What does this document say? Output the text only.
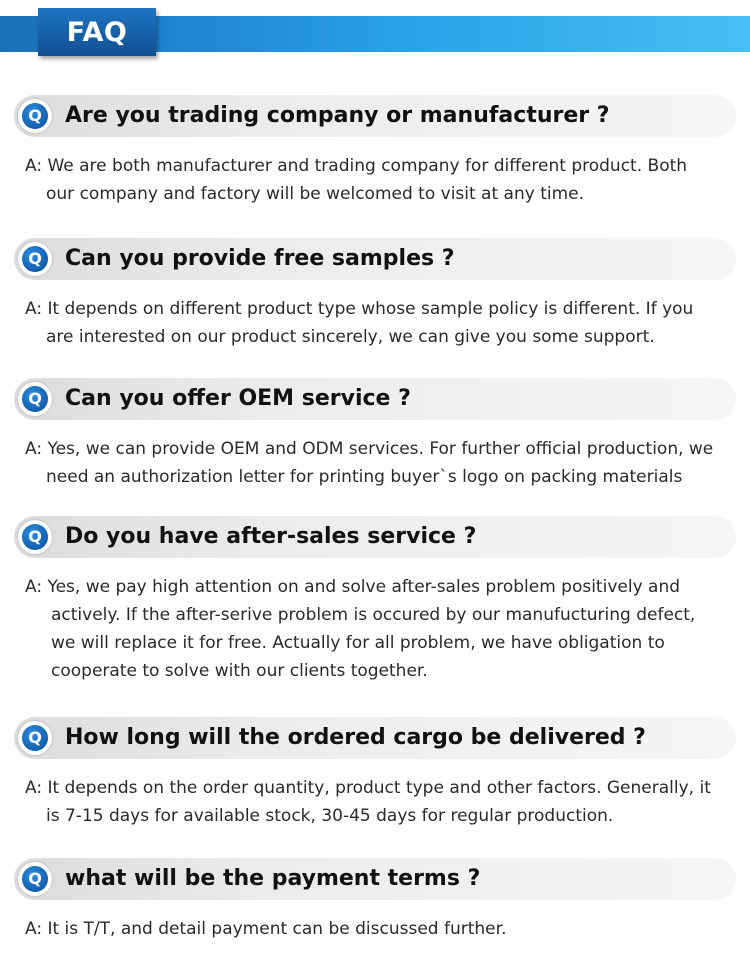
FAQ
Q Are you trading company or manufacturer ?
A: We are both manufacturer and trading company for different product. Both
our company and factory will be welcomed to visit at any time.
Q Can you provide free samples ?
A: It depends on different product type whose sample policy is different. If you
are interested on our product sincerely, we can give you some support.
Q Can you offer OEM service ?
A: Yes, we can provide OEM and ODM services. For further official production, we
need an authorization letter for printing buyer`s logo on packing materials
Q Do you have after-sales service ?
A: Yes, we pay high attention on and solve after-sales problem positively and
actively. If the after-serive problem is occured by our manufucturing defect,
we will replace it for free. Actually for all problem, we have obligation to
cooperate to solve with our clients together.
Q How long will the ordered cargo be delivered ?
A: It depends on the order quantity, product type and other factors. Generally, it
is 7-15 days for available stock, 30-45 days for regular production.
Q what will be the payment terms ?
A: It is T/T, and detail payment can be discussed further.
